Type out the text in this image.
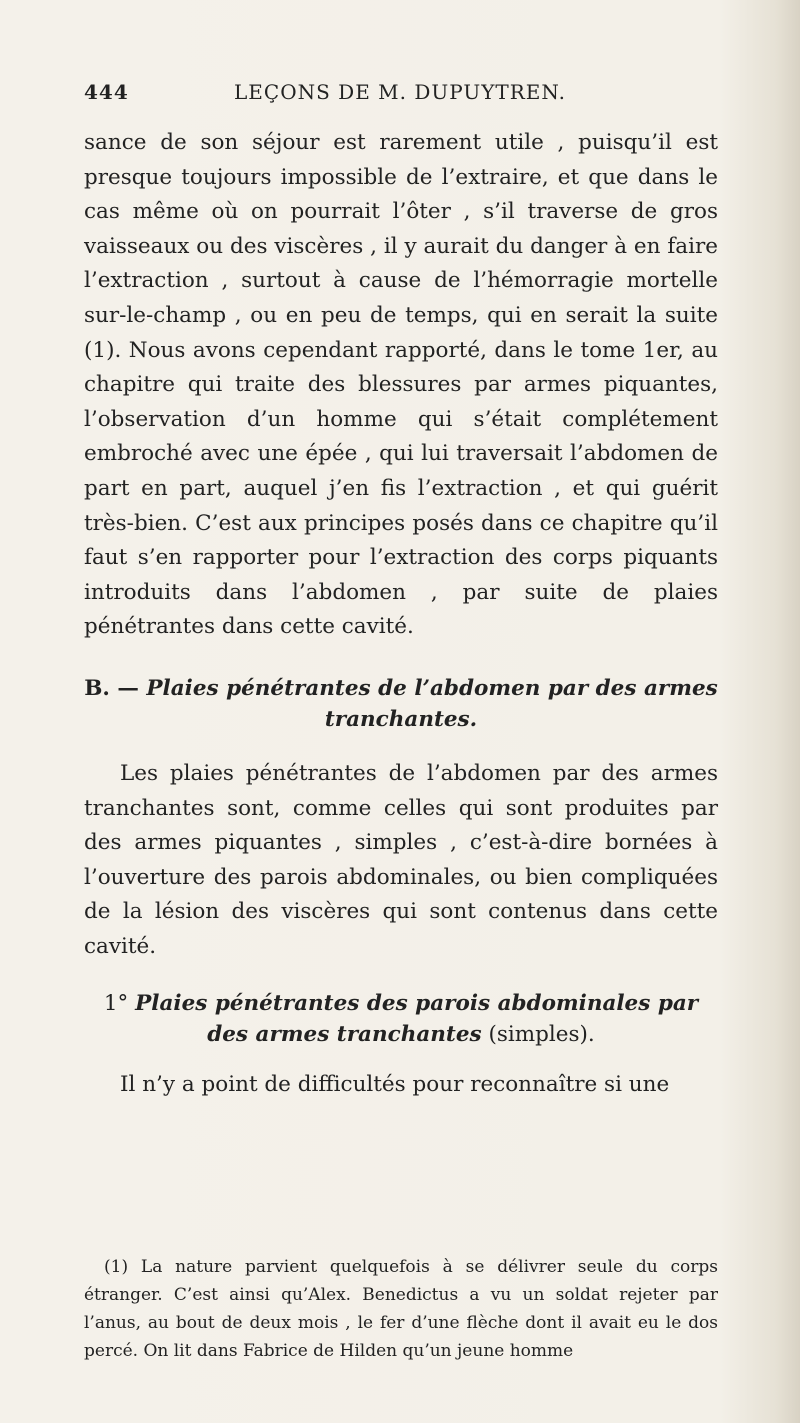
444	LEÇONS DE M. DUPUYTREN.

sance de son séjour est rarement utile , puisqu’il est presque toujours impossible de l’extraire, et que dans le cas même où on pourrait l’ôter , s’il traverse de gros vaisseaux ou des viscères , il y aurait du danger à en faire l’extraction , surtout à cause de l’hémorragie mortelle sur-le-champ , ou en peu de temps, qui en serait la suite (1). Nous avons cependant rapporté, dans le tome 1er, au chapitre qui traite des blessures par armes piquantes, l’observation d’un homme qui s’était complétement embroché avec une épée , qui lui traversait l’abdomen de part en part, auquel j’en fis l’extraction , et qui guérit très-bien. C’est aux principes posés dans ce chapitre qu’il faut s’en rapporter pour l’extraction des corps piquants introduits dans l’abdomen , par suite de plaies pénétrantes dans cette cavité.

B. — Plaies pénétrantes de l’abdomen par des armes tranchantes.

Les plaies pénétrantes de l’abdomen par des armes tranchantes sont, comme celles qui sont produites par des armes piquantes , simples , c’est-à-dire bornées à l’ouverture des parois abdominales, ou bien compliquées de la lésion des viscères qui sont contenus dans cette cavité.

1° Plaies pénétrantes des parois abdominales par des armes tranchantes (simples).

Il n’y a point de difficultés pour reconnaître si une

(1) La nature parvient quelquefois à se délivrer seule du corps étranger. C’est ainsi qu’Alex. Benedictus a vu un soldat rejeter par l’anus, au bout de deux mois , le fer d’une flèche dont il avait eu le dos percé. On lit dans Fabrice de Hilden qu’un jeune homme
